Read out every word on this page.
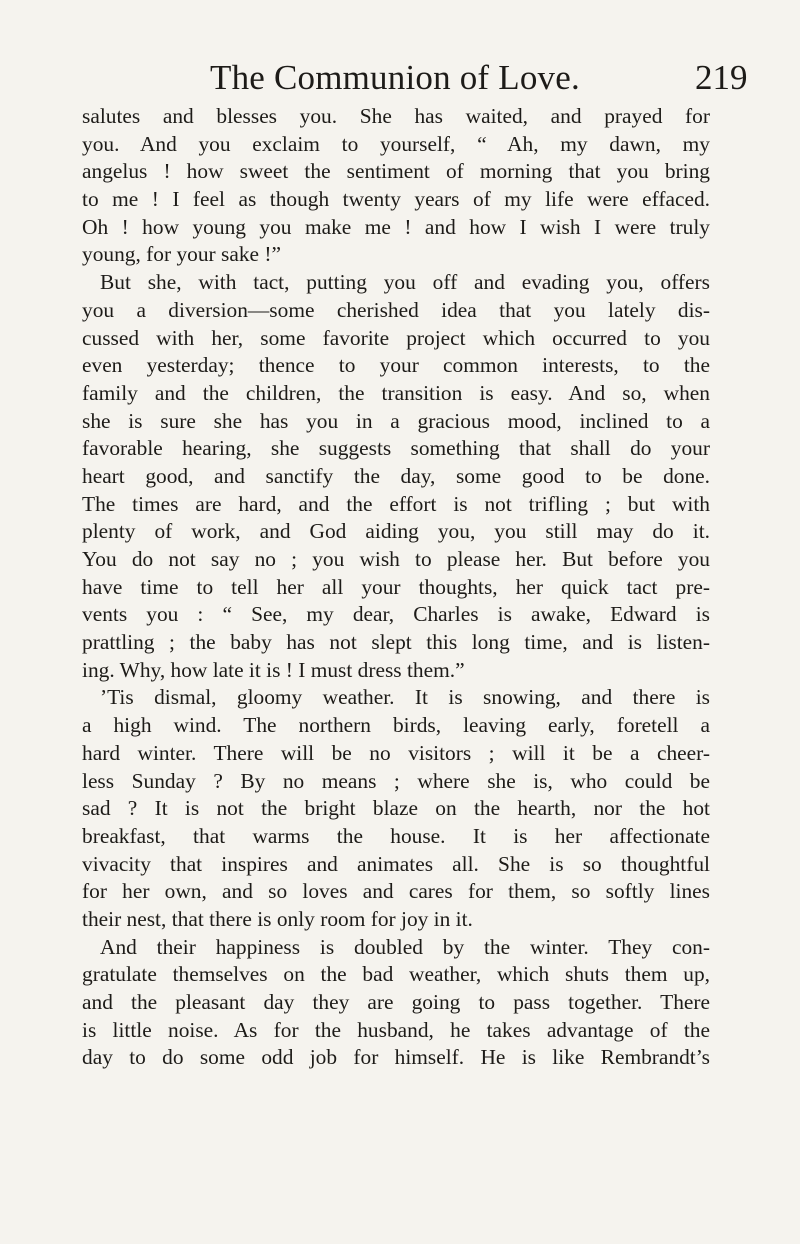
The Communion of Love.	219
salutes and blesses you. She has waited, and prayed for
you. And you exclaim to yourself, “ Ah, my dawn, my
angelus ! how sweet the sentiment of morning that you bring
to me ! I feel as though twenty years of my life were effaced.
Oh ! how young you make me ! and how I wish I were truly
young, for your sake !”
But she, with tact, putting you off and evading you, offers
you a diversion—some cherished idea that you lately dis-
cussed with her, some favorite project which occurred to you
even yesterday; thence to your common interests, to the
family and the children, the transition is easy. And so, when
she is sure she has you in a gracious mood, inclined to a
favorable hearing, she suggests something that shall do your
heart good, and sanctify the day, some good to be done.
The times are hard, and the effort is not trifling ; but with
plenty of work, and God aiding you, you still may do it.
You do not say no ; you wish to please her. But before you
have time to tell her all your thoughts, her quick tact pre-
vents you : “ See, my dear, Charles is awake, Edward is
prattling ; the baby has not slept this long time, and is listen-
ing. Why, how late it is ! I must dress them.”
’Tis dismal, gloomy weather. It is snowing, and there is
a high wind. The northern birds, leaving early, foretell a
hard winter. There will be no visitors ; will it be a cheer-
less Sunday ? By no means ; where she is, who could be
sad ? It is not the bright blaze on the hearth, nor the hot
breakfast, that warms the house. It is her affectionate
vivacity that inspires and animates all. She is so thoughtful
for her own, and so loves and cares for them, so softly lines
their nest, that there is only room for joy in it.
And their happiness is doubled by the winter. They con-
gratulate themselves on the bad weather, which shuts them up,
and the pleasant day they are going to pass together. There
is little noise. As for the husband, he takes advantage of the
day to do some odd job for himself. He is like Rembrandt’s
